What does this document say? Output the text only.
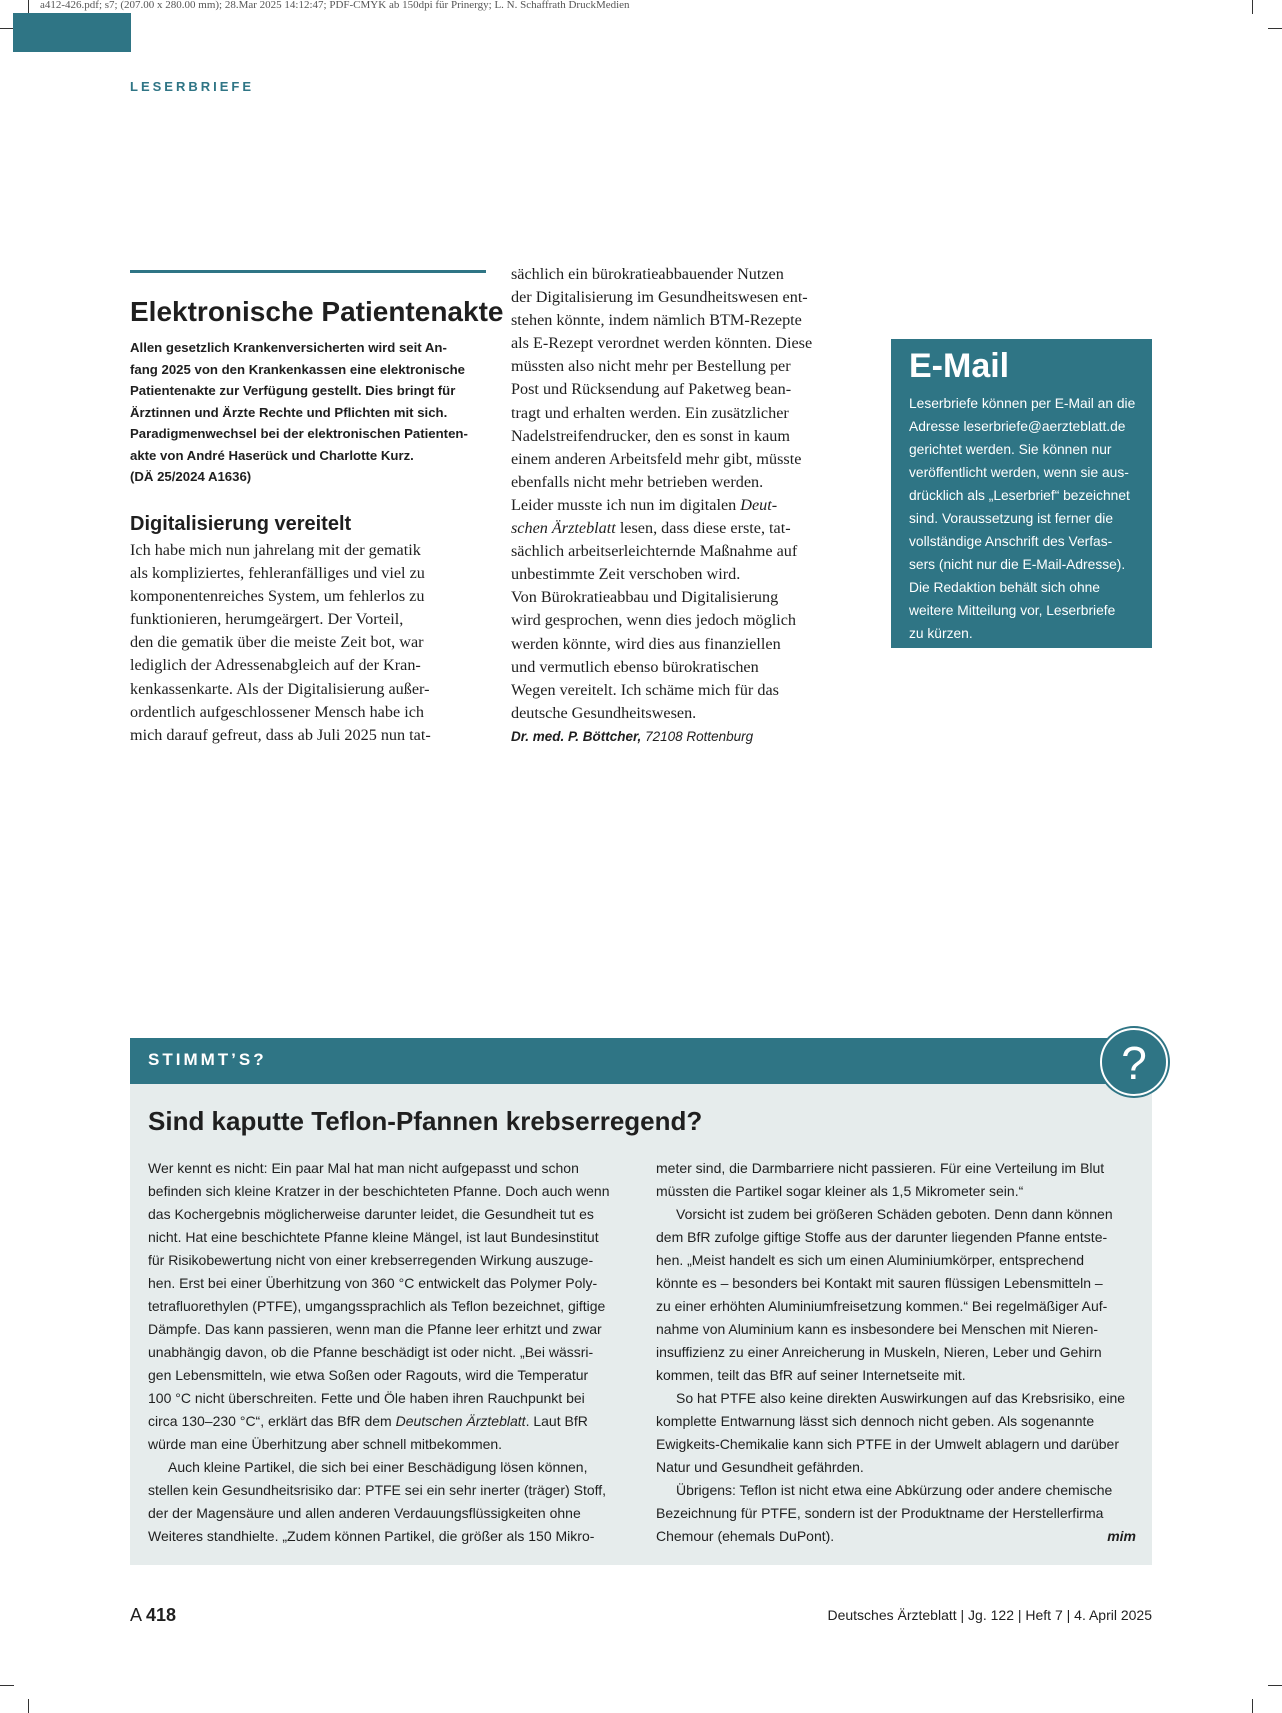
a412-426.pdf; s7; (207.00 x 280.00 mm); 28.Mar 2025 14:12:47; PDF-CMYK ab 150dpi für Prinergy; L. N. Schaffrath DruckMedien
LESERBRIEFE
Elektronische Patientenakte
Allen gesetzlich Krankenversicherten wird seit An-
fang 2025 von den Krankenkassen eine elektronische
Patientenakte zur Verfügung gestellt. Dies bringt für
Ärztinnen und Ärzte Rechte und Pflichten mit sich.
Paradigmenwechsel bei der elektronischen Patienten-
akte von André Haserück und Charlotte Kurz.
(DÄ 25/2024 A1636)
Digitalisierung vereitelt
Ich habe mich nun jahrelang mit der gematik
als kompliziertes, fehleranfälliges und viel zu
komponentenreiches System, um fehlerlos zu
funktionieren, herumgeärgert. Der Vorteil,
den die gematik über die meiste Zeit bot, war
lediglich der Adressenabgleich auf der Kran-
kenkassenkarte. Als der Digitalisierung außer-
ordentlich aufgeschlossener Mensch habe ich
mich darauf gefreut, dass ab Juli 2025 nun tat-
sächlich ein bürokratieabbauender Nutzen
der Digitalisierung im Gesundheitswesen ent-
stehen könnte, indem nämlich BTM-Rezepte
als E-Rezept verordnet werden könnten. Diese
müssten also nicht mehr per Bestellung per
Post und Rücksendung auf Paketweg bean-
tragt und erhalten werden. Ein zusätzlicher
Nadelstreifendrucker, den es sonst in kaum
einem anderen Arbeitsfeld mehr gibt, müsste
ebenfalls nicht mehr betrieben werden.
Leider musste ich nun im digitalen Deut-
schen Ärzteblatt lesen, dass diese erste, tat-
sächlich arbeitserleichternde Maßnahme auf
unbestimmte Zeit verschoben wird.
Von Bürokratieabbau und Digitalisierung
wird gesprochen, wenn dies jedoch möglich
werden könnte, wird dies aus finanziellen
und vermutlich ebenso bürokratischen
Wegen vereitelt. Ich schäme mich für das
deutsche Gesundheitswesen.
Dr. med. P. Böttcher, 72108 Rottenburg
E-Mail
Leserbriefe können per E-Mail an die
Adresse leserbriefe@aerzteblatt.de
gerichtet werden. Sie können nur
veröffentlicht werden, wenn sie aus-
drücklich als „Leserbrief“ bezeichnet
sind. Voraussetzung ist ferner die
vollständige Anschrift des Verfas-
sers (nicht nur die E-Mail-Adresse).
Die Redaktion behält sich ohne
weitere Mitteilung vor, Leserbriefe
zu kürzen.
STIMMT’S?	?
Sind kaputte Teflon-Pfannen krebserregend?
Wer kennt es nicht: Ein paar Mal hat man nicht aufgepasst und schon
befinden sich kleine Kratzer in der beschichteten Pfanne. Doch auch wenn
das Kochergebnis möglicherweise darunter leidet, die Gesundheit tut es
nicht. Hat eine beschichtete Pfanne kleine Mängel, ist laut Bundesinstitut
für Risikobewertung nicht von einer krebserregenden Wirkung auszuge-
hen. Erst bei einer Überhitzung von 360 °C entwickelt das Polymer Poly-
tetrafluorethylen (PTFE), umgangssprachlich als Teflon bezeichnet, giftige
Dämpfe. Das kann passieren, wenn man die Pfanne leer erhitzt und zwar
unabhängig davon, ob die Pfanne beschädigt ist oder nicht. „Bei wässri-
gen Lebensmitteln, wie etwa Soßen oder Ragouts, wird die Temperatur
100 °C nicht überschreiten. Fette und Öle haben ihren Rauchpunkt bei
circa 130–230 °C“, erklärt das BfR dem Deutschen Ärzteblatt. Laut BfR
würde man eine Überhitzung aber schnell mitbekommen.
Auch kleine Partikel, die sich bei einer Beschädigung lösen können,
stellen kein Gesundheitsrisiko dar: PTFE sei ein sehr inerter (träger) Stoff,
der der Magensäure und allen anderen Verdauungsflüssigkeiten ohne
Weiteres standhielte. „Zudem können Partikel, die größer als 150 Mikro-
meter sind, die Darmbarriere nicht passieren. Für eine Verteilung im Blut
müssten die Partikel sogar kleiner als 1,5 Mikrometer sein.“
Vorsicht ist zudem bei größeren Schäden geboten. Denn dann können
dem BfR zufolge giftige Stoffe aus der darunter liegenden Pfanne entste-
hen. „Meist handelt es sich um einen Aluminiumkörper, entsprechend
könnte es – besonders bei Kontakt mit sauren flüssigen Lebensmitteln –
zu einer erhöhten Aluminiumfreisetzung kommen.“ Bei regelmäßiger Auf-
nahme von Aluminium kann es insbesondere bei Menschen mit Nieren-
insuffizienz zu einer Anreicherung in Muskeln, Nieren, Leber und Gehirn
kommen, teilt das BfR auf seiner Internetseite mit.
So hat PTFE also keine direkten Auswirkungen auf das Krebsrisiko, eine
komplette Entwarnung lässt sich dennoch nicht geben. Als sogenannte
Ewigkeits-Chemikalie kann sich PTFE in der Umwelt ablagern und darüber
Natur und Gesundheit gefährden.
Übrigens: Teflon ist nicht etwa eine Abkürzung oder andere chemische
Bezeichnung für PTFE, sondern ist der Produktname der Herstellerfirma
Chemour (ehemals DuPont).	mim
A 418	Deutsches Ärzteblatt | Jg. 122 | Heft 7 | 4. April 2025
